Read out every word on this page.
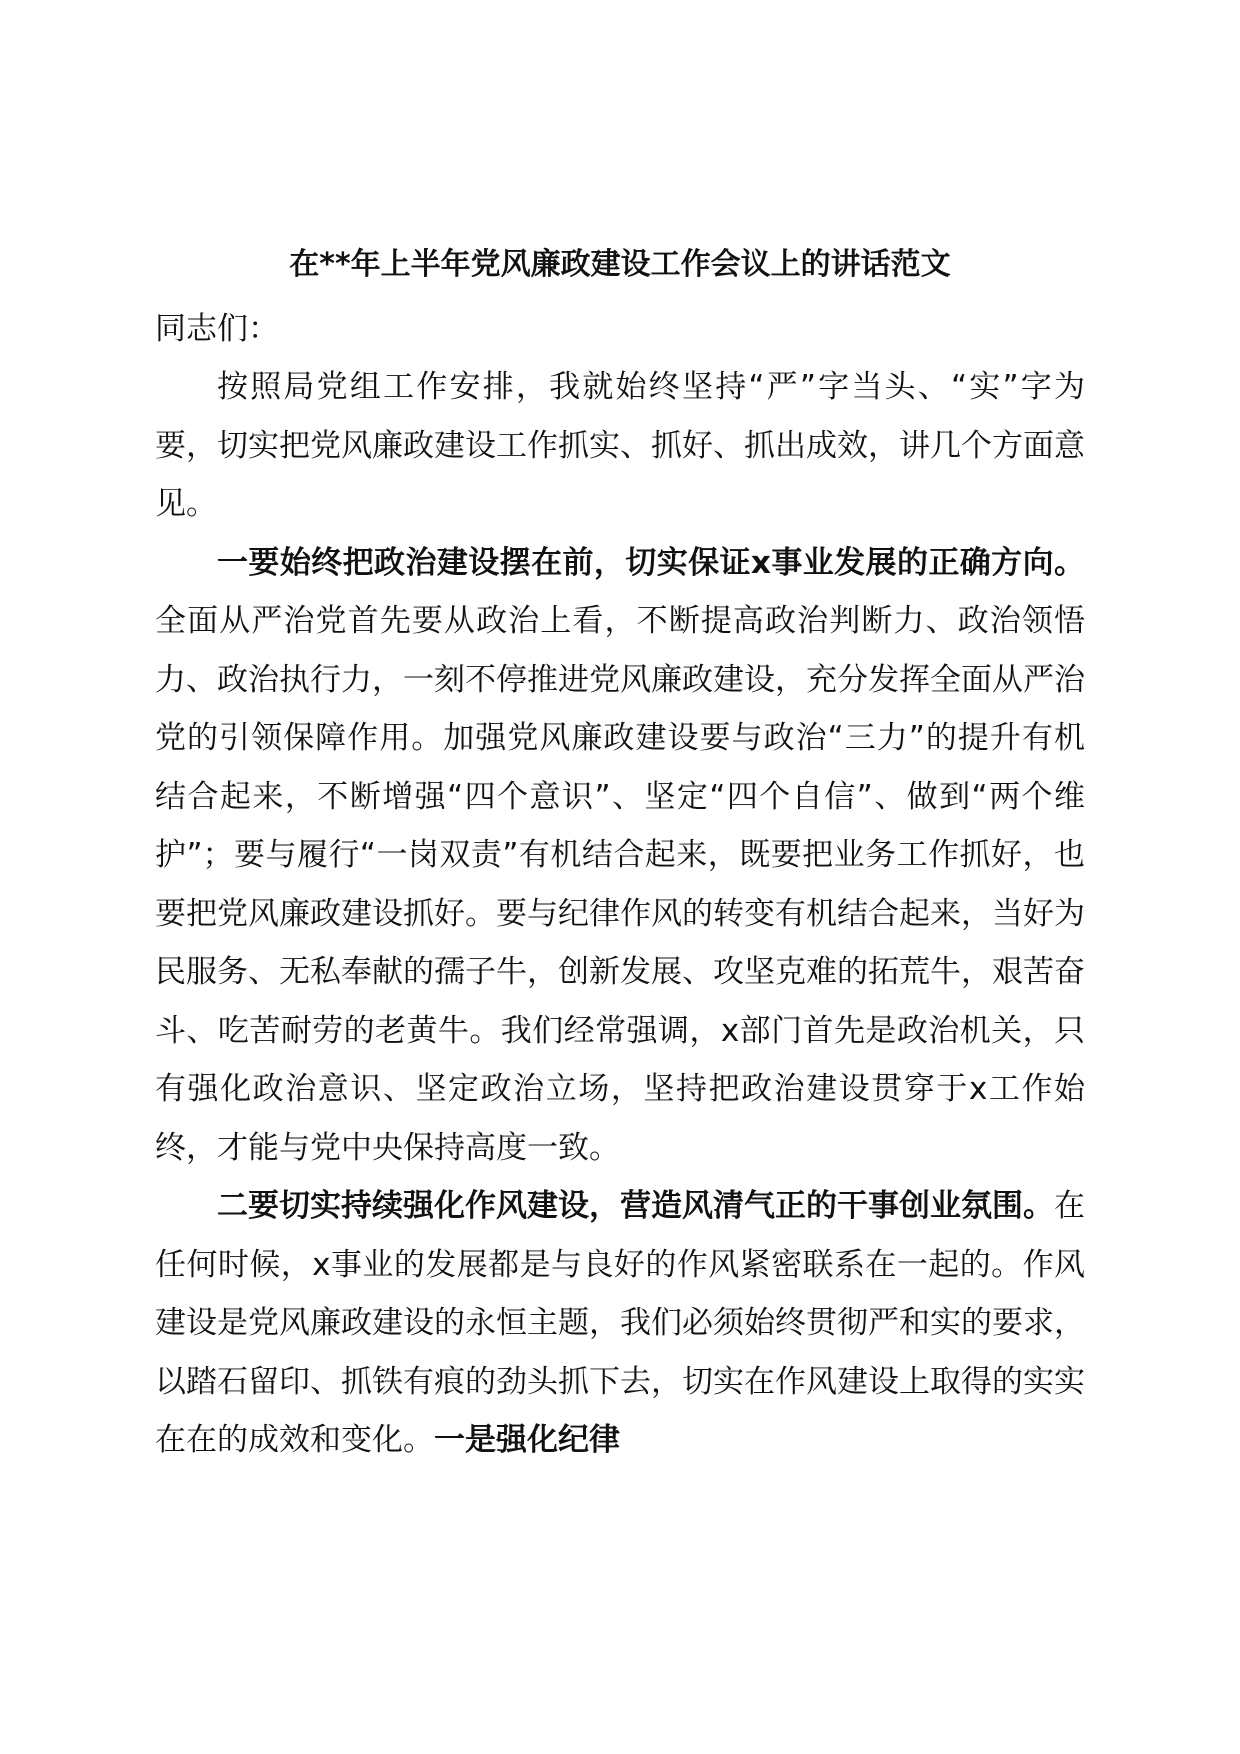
在**年上半年党风廉政建设工作会议上的讲话范文

同志们：

按照局党组工作安排，我就始终坚持“严”字当头、“实”字为要，切实把党风廉政建设工作抓实、抓好、抓出成效，讲几个方面意见。

一要始终把政治建设摆在前，切实保证x事业发展的正确方向。全面从严治党首先要从政治上看，不断提高政治判断力、政治领悟力、政治执行力，一刻不停推进党风廉政建设，充分发挥全面从严治党的引领保障作用。加强党风廉政建设要与政治“三力”的提升有机结合起来，不断增强“四个意识”、坚定“四个自信”、做到“两个维护”；要与履行“一岗双责”有机结合起来，既要把业务工作抓好，也要把党风廉政建设抓好。要与纪律作风的转变有机结合起来，当好为民服务、无私奉献的孺子牛，创新发展、攻坚克难的拓荒牛，艰苦奋斗、吃苦耐劳的老黄牛。我们经常强调，x部门首先是政治机关，只有强化政治意识、坚定政治立场，坚持把政治建设贯穿于x工作始终，才能与党中央保持高度一致。

二要切实持续强化作风建设，营造风清气正的干事创业氛围。在任何时候，x事业的发展都是与良好的作风紧密联系在一起的。作风建设是党风廉政建设的永恒主题，我们必须始终贯彻严和实的要求，以踏石留印、抓铁有痕的劲头抓下去，切实在作风建设上取得的实实在在的成效和变化。一是强化纪律
